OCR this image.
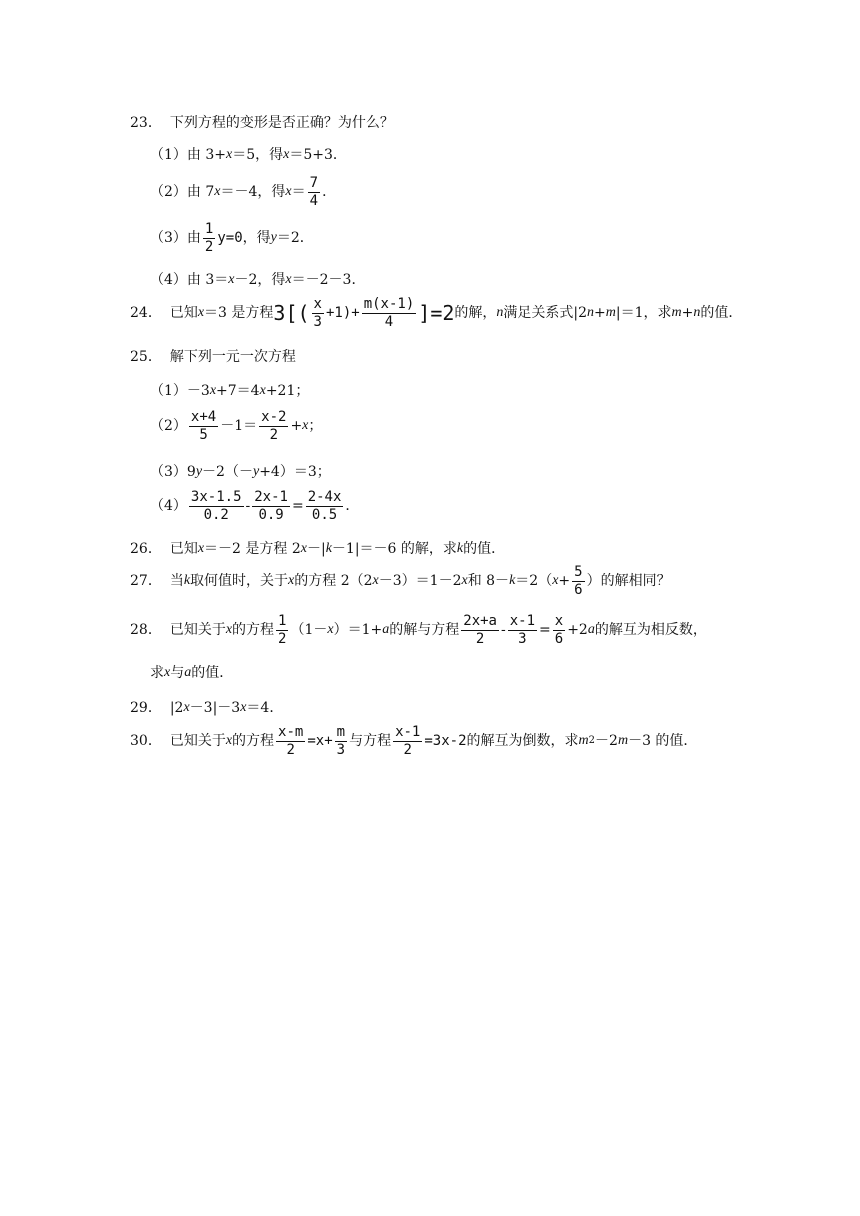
23． 下列方程的变形是否正确？为什么？
（1）由 3+ x ＝5，得 x ＝5+3．
（2）由 7 x ＝－4，得 $x = \frac{7}{4}$ ．
（3）由 $\frac{1}{2} y=0$ ，得 y ＝2．
（4）由 3＝ x －2，得 x ＝－2－3．
24． 已知 x ＝3 是方程 3 [( $\frac{x}{3} +1)+ \frac{m(x-1)}{4} ]=2$ 的解， n 满足关系式|2 n + m |＝1，求 m + n 的值．
25． 解下列一元一次方程
（1）－3 x +7＝4 x +21；
$(2) \frac{x+4}{5} -1= \frac{x-2}{2} + x$ ；
（3）9 y －2（－ y +4）＝3；
$(4) \frac{3x-1.5}{0.2} - \frac{2x-1}{0.9} = \frac{2-4x}{0.5}$ ．
26． 已知 x ＝－2 是方程 2 x －| k －1|＝－6 的解，求 k 的值．
27． 当 k 取何值时，关于 x 的方程 2（2 x －3）＝1－2 x 和 8－ k ＝2（ $x + \frac{5}{6}$ ）的解相同？
28． 已知关于 x 的方程 $\frac{1}{2} (1- x$ ）＝1+ a 的解与方程 $\frac{2x+a}{2} - \frac{x-1}{3} = \frac{x}{6} +2$ a 的解互为相反数，
求 x 与 a 的值．
29． |2 x －3|－3 x ＝4．
30． 已知关于 x 的方程 $\frac{x-m}{2} =x+ \frac{m}{3}$ 与方程 $\frac{x-1}{2} =3x-2$ 的解互为倒数，求 m 2 －2 m －3 的值．
